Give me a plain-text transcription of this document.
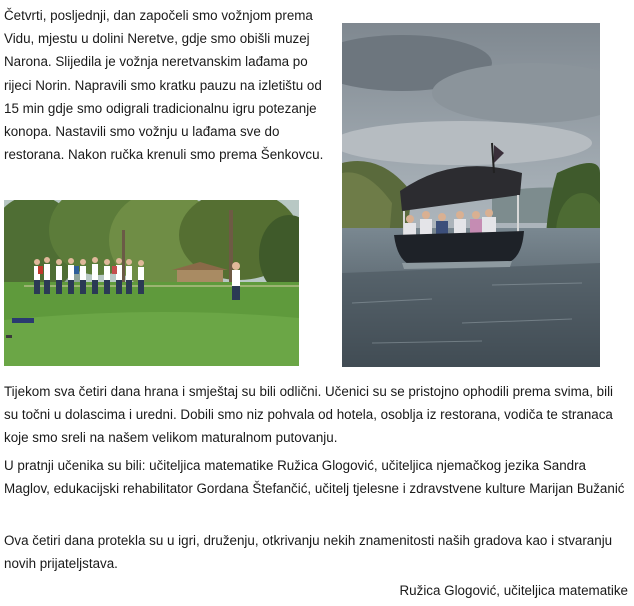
Četvrti, posljednji, dan započeli smo vožnjom prema Vidu, mjestu u dolini Neretve, gdje smo obišli muzej Narona. Slijedila je vožnja neretvanskim lađama po rijeci Norin. Napravili smo kratku pauzu na izletištu od 15 min gdje smo odigrali tradicionalnu igru potezanje konopa. Nastavili smo vožnju u lađama sve do restorana. Nakon ručka krenuli smo prema Šenkovcu.

Tijekom sva četiri dana hrana i smještaj su bili odlični. Učenici su se pristojno ophodili prema svima, bili su točni u dolascima i uredni. Dobili smo niz pohvala od hotela, osoblja iz restorana, vodiča te stranaca koje smo sreli na našem velikom maturalnom putovanju.

U pratnji učenika su bili: učiteljica matematike Ružica Glogović, učiteljica njemačkog jezika Sandra Maglov, edukacijski rehabilitator Gordana Štefančić, učitelj tjelesne i zdravstvene kulture Marijan Bužanić

Ova četiri dana protekla su u igri, druženju, otkrivanju nekih znamenitosti naših gradova kao i stvaranju novih prijateljstava.

Ružica Glogović, učiteljica matematike
